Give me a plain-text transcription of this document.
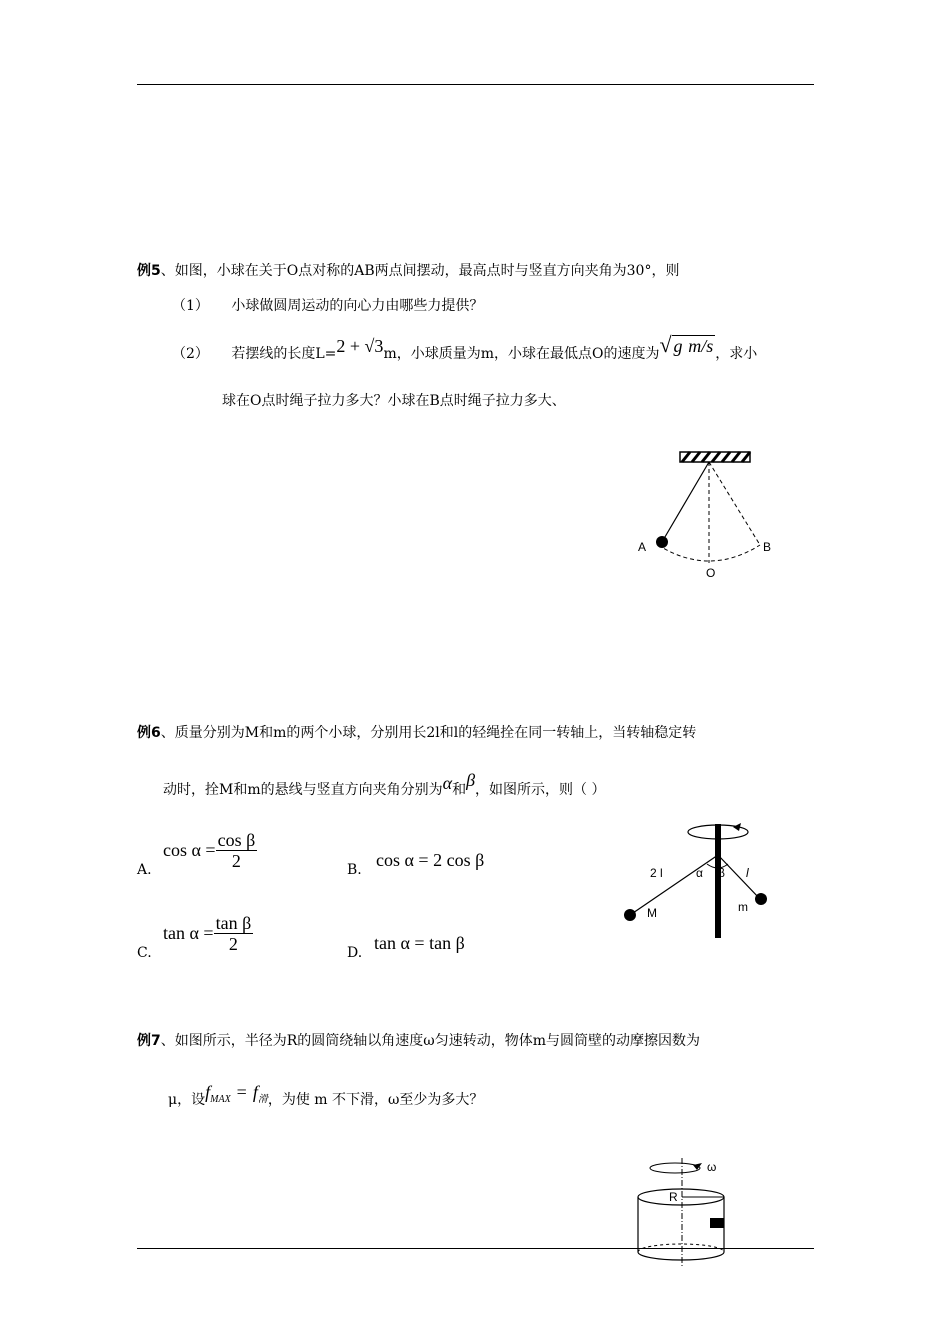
例5、如图，小球在关于O点对称的AB两点间摆动，最高点时与竖直方向夹角为30°，则
（1） 小球做圆周运动的向心力由哪些力提供？
（2） 若摆线的长度L=2 + √3m，小球质量为m，小球在最低点O的速度为√ g m/s ，求小
球在O点时绳子拉力多大？小球在B点时绳子拉力多大、
A	B
O
例6、质量分别为M和m的两个小球，分别用长2l和l的轻绳拴在同一转轴上，当转轴稳定转
动时，拴M和m的悬线与竖直方向夹角分别为α和β，如图所示，则（ ）
A.
$\cos \alpha = \frac{\text{cos β}}{2}$	B. cos α = 2 cos β
C.
$\tan \alpha = \frac{\text{tan β}}{2}$	D. tan α = tan β
2 l	α β l
M	m
例7、如图所示，半径为R的圆筒绕轴以角速度ω匀速转动，物体m与圆筒壁的动摩擦因数为
μ，设$f_{MAX} = f_滑$，为使 m 不下滑，ω至少为多大？
ω
R
